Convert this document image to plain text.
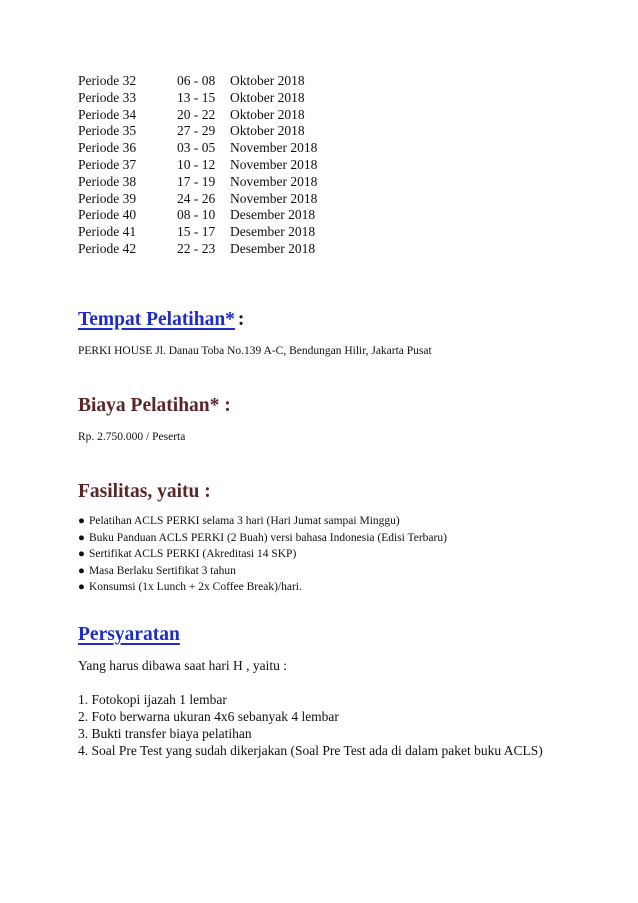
Periode 32	06 - 08	Oktober 2018
Periode 33	13 - 15	Oktober 2018
Periode 34	20 - 22	Oktober 2018
Periode 35	27 - 29	Oktober 2018
Periode 36	03 - 05	November 2018
Periode 37	10 - 12	November 2018
Periode 38	17 - 19	November 2018
Periode 39	24 - 26	November 2018
Periode 40	08 - 10	Desember 2018
Periode 41	15 - 17	Desember 2018
Periode 42	22 - 23	Desember 2018
Tempat Pelatihan* :
PERKI HOUSE Jl. Danau Toba No.139 A-C, Bendungan Hilir, Jakarta Pusat
Biaya Pelatihan* :
Rp. 2.750.000 / Peserta
Fasilitas, yaitu :
● Pelatihan ACLS PERKI selama 3 hari (Hari Jumat sampai Minggu)
● Buku Panduan ACLS PERKI (2 Buah) versi bahasa Indonesia (Edisi Terbaru)
● Sertifikat ACLS PERKI (Akreditasi 14 SKP)
● Masa Berlaku Sertifikat 3 tahun
● Konsumsi (1x Lunch + 2x Coffee Break)/hari.
Persyaratan
Yang harus dibawa saat hari H , yaitu :
1. Fotokopi ijazah 1 lembar
2. Foto berwarna ukuran 4x6 sebanyak 4 lembar
3. Bukti transfer biaya pelatihan
4. Soal Pre Test yang sudah dikerjakan (Soal Pre Test ada di dalam paket buku ACLS)
